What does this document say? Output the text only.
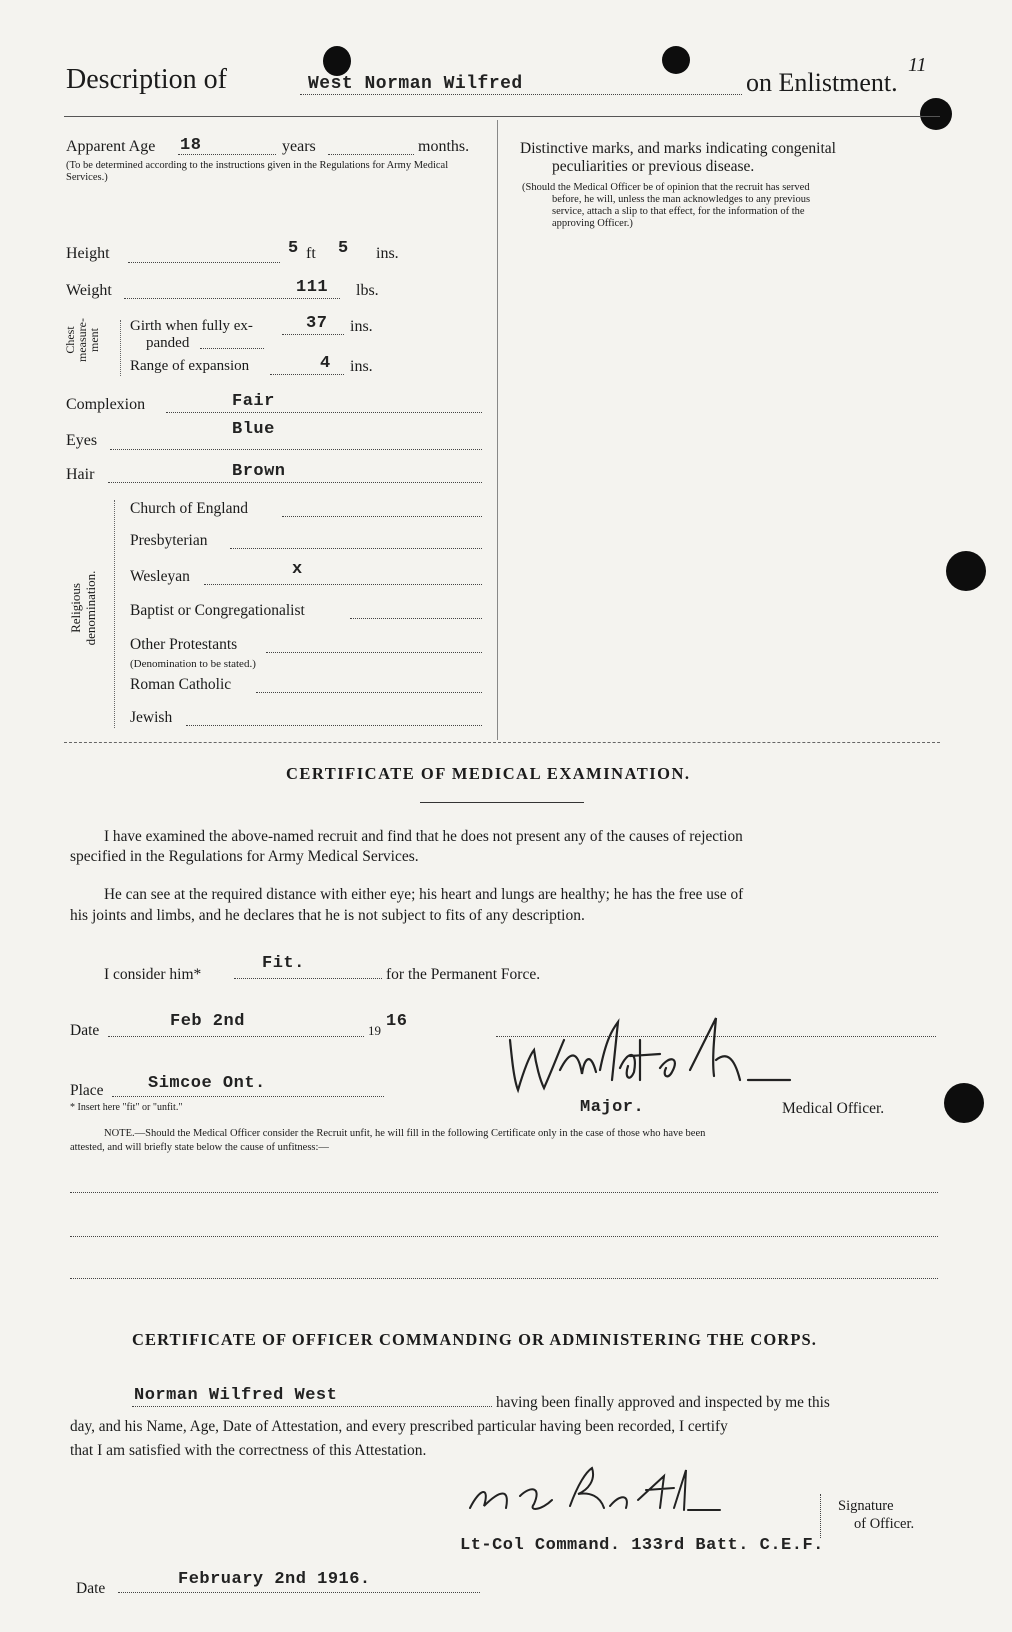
Description of	West Norman Wilfred	on Enlistment.
11
Apparent Age 18	years	months.
(To be determined according to the instructions given in the Regulations for Army Medical Services.)
Height	5 ft 5 ins.
Weight	111 lbs.
Chest measure-ment
Girth when fully ex-
panded
37 ins.
Range of expansion	4 ins.
Complexion	Fair
Eyes
Blue
Hair	Brown
Religious denomination.
Church of England
Presbyterian
Wesleyan	x
Baptist or Congregationalist
Other Protestants
(Denomination to be stated.)
Roman Catholic
Jewish
Distinctive marks, and marks indicating congenital
peculiarities or previous disease.
(Should the Medical Officer be of opinion that the recruit has served
before, he will, unless the man acknowledges to any previous
service, attach a slip to that effect, for the information of the
approving Officer.)
CERTIFICATE OF MEDICAL EXAMINATION.
I have examined the above-named recruit and find that he does not present any of the causes of rejection
specified in the Regulations for Army Medical Services.
He can see at the required distance with either eye; his heart and lungs are healthy; he has the free use of
his joints and limbs, and he declares that he is not subject to fits of any description.
I consider him*
Fit.
for the Permanent Force.
Date	Feb 2nd	19 16
Place	Simcoe Ont.
* Insert here "fit" or "unfit."	Major.	Medical Officer.
NOTE.—Should the Medical Officer consider the Recruit unfit, he will fill in the following Certificate only in the case of those who have been
attested, and will briefly state below the cause of unfitness:—
CERTIFICATE OF OFFICER COMMANDING OR ADMINISTERING THE CORPS.
Norman Wilfred West	having been finally approved and inspected by me this
day, and his Name, Age, Date of Attestation, and every prescribed particular having been recorded, I certify
that I am satisfied with the correctness of this Attestation.
Signature
of Officer.
Lt-Col Command. 133rd Batt. C.E.F.
Date	February 2nd 1916.
